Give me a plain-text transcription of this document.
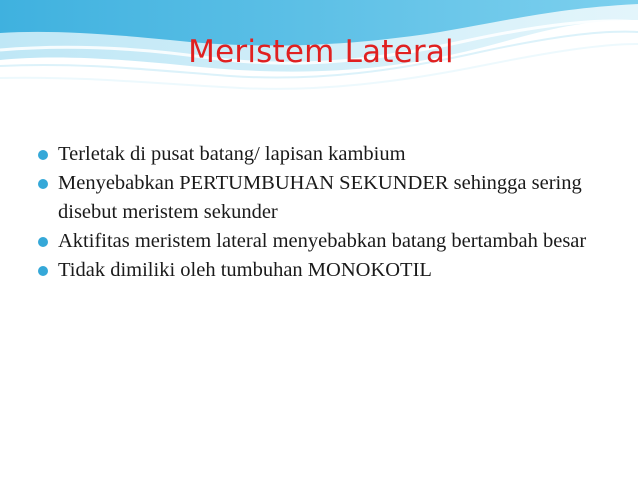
Meristem Lateral
Terletak di pusat batang/ lapisan kambium
Menyebabkan PERTUMBUHAN SEKUNDER sehingga sering disebut meristem sekunder
Aktifitas meristem lateral menyebabkan batang bertambah besar
Tidak dimiliki oleh tumbuhan MONOKOTIL
